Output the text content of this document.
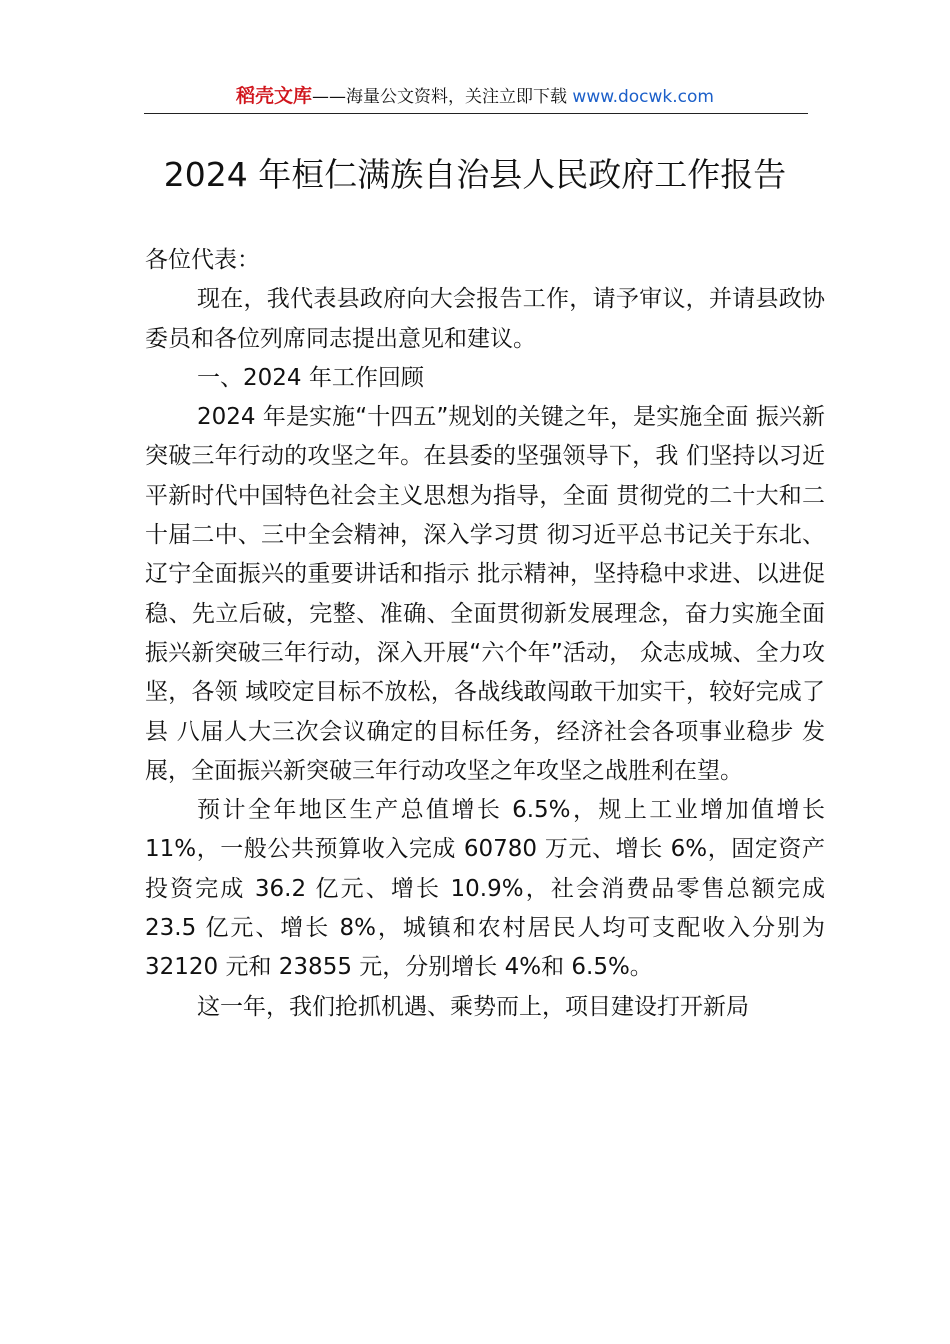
稻壳文库——海量公文资料，关注立即下载 www.docwk.com
2024 年桓仁满族自治县人民政府工作报告

各位代表：

现在，我代表县政府向大会报告工作，请予审议，并请县政协委员和各位列席同志提出意见和建议。

一、2024 年工作回顾

2024 年是实施“十四五”规划的关键之年，是实施全面 振兴新突破三年行动的攻坚之年。在县委的坚强领导下，我 们坚持以习近平新时代中国特色社会主义思想为指导，全面 贯彻党的二十大和二十届二中、三中全会精神，深入学习贯 彻习近平总书记关于东北、辽宁全面振兴的重要讲话和指示 批示精神，坚持稳中求进、以进促稳、先立后破，完整、准确、全面贯彻新发展理念，奋力实施全面振兴新突破三年行动，深入开展“六个年”活动， 众志成城、全力攻坚，各领 域咬定目标不放松，各战线敢闯敢干加实干，较好完成了县 八届人大三次会议确定的目标任务，经济社会各项事业稳步 发展，全面振兴新突破三年行动攻坚之年攻坚之战胜利在望。

预计全年地区生产总值增长 6.5%，规上工业增加值增长 11%，一般公共预算收入完成 60780 万元、增长 6%，固定资产投资完成 36.2 亿元、增长 10.9%，社会消费品零售总额完成 23.5 亿元、增长 8%，城镇和农村居民人均可支配收入分别为 32120 元和 23855 元，分别增长 4%和 6.5%。

这一年，我们抢抓机遇、乘势而上，项目建设打开新局
